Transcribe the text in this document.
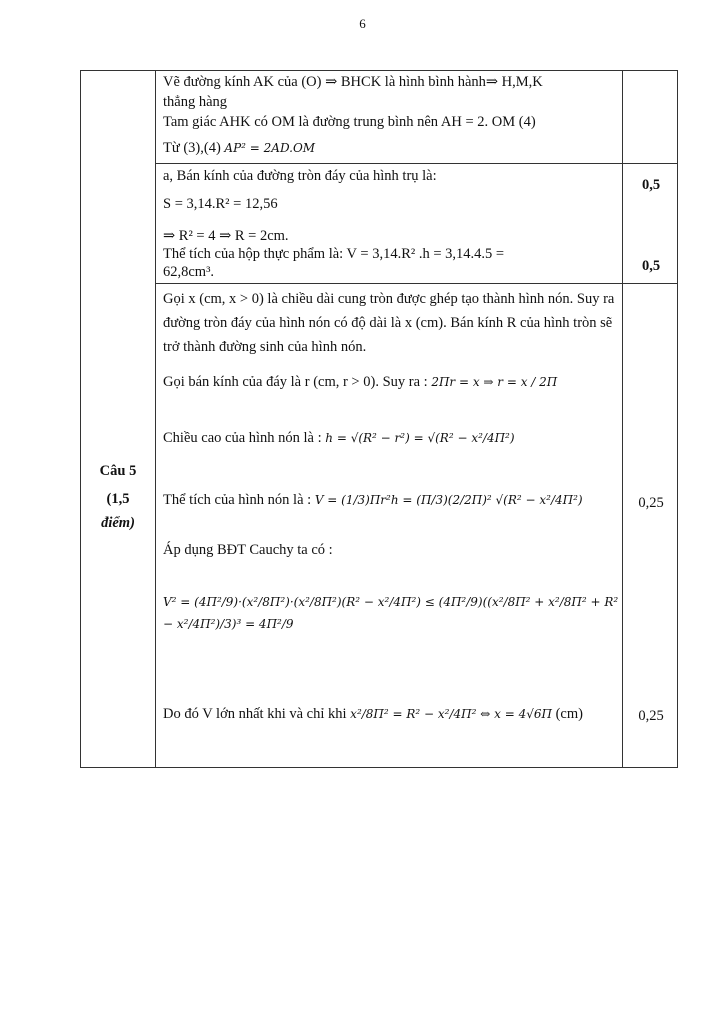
6
Vẽ đường kính AK của (O) ⇒ BHCK là hình bình hành⇒ H,M,K
thẳng hàng
Tam giác AHK có OM là đường trung bình nên AH = 2. OM (4)
Từ (3),(4) AP² = 2AD.OM
a, Bán kính của đường tròn đáy của hình trụ là:
S = 3,14.R² = 12,56
⇒ R² = 4 ⇒ R = 2cm.
Thể tích của hộp thực phẩm là: V = 3,14.R² .h = 3,14.4.5 =
62,8cm³.
0,5
0,5
Câu 5
(1,5
điểm)
Gọi x (cm, x > 0) là chiều dài cung tròn được ghép tạo thành hình nón. Suy ra đường tròn đáy của hình nón có độ dài là x (cm). Bán kính R của hình tròn sẽ trở thành đường sinh của hình nón.
Gọi bán kính của đáy là r (cm, r > 0). Suy ra : 2Πr = x ⇒ r = x / 2Π
Chiều cao của hình nón là : h = √(R² − r²) = √(R² − x²/4Π²)
Thể tích của hình nón là : V = (1/3)Πr²h = (Π/3)(2/2Π)² √(R² − x²/4Π²)
Áp dụng BĐT Cauchy ta có :
V² = (4Π²/9)·(x²/8Π²)·(x²/8Π²)(R² − x²/4Π²) ≤ (4Π²/9)((x²/8Π² + x²/8Π² + R² − x²/4Π²)/3)³ = 4Π²/9
Do đó V lớn nhất khi và chỉ khi x²/8Π² = R² − x²/4Π² ⇔ x = 4√6Π (cm)
0,25
0,25
